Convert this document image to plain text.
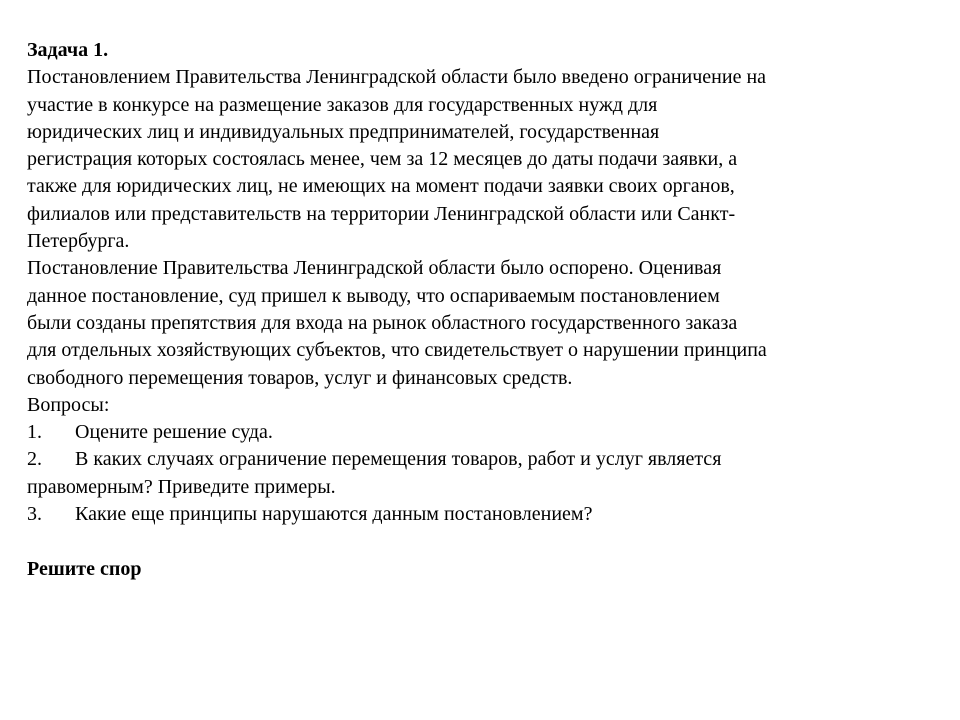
Задача 1.
Постановлением Правительства Ленинградской области было введено ограничение на
участие в конкурсе на размещение заказов для государственных нужд для
юридических лиц и индивидуальных предпринимателей, государственная
регистрация которых состоялась менее, чем за 12 месяцев до даты подачи заявки, а
также для юридических лиц, не имеющих на момент подачи заявки своих органов,
филиалов или представительств на территории Ленинградской области или Санкт-
Петербурга.
Постановление Правительства Ленинградской области было оспорено. Оценивая
данное постановление, суд пришел к выводу, что оспариваемым постановлением
были созданы препятствия для входа на рынок областного государственного заказа
для отдельных хозяйствующих субъектов, что свидетельствует о нарушении принципа
свободного перемещения товаров, услуг и финансовых средств.
Вопросы:
1. Оцените решение суда.
2. В каких случаях ограничение перемещения товаров, работ и услуг является
правомерным? Приведите примеры.
3. Какие еще принципы нарушаются данным постановлением?
Решите спор
